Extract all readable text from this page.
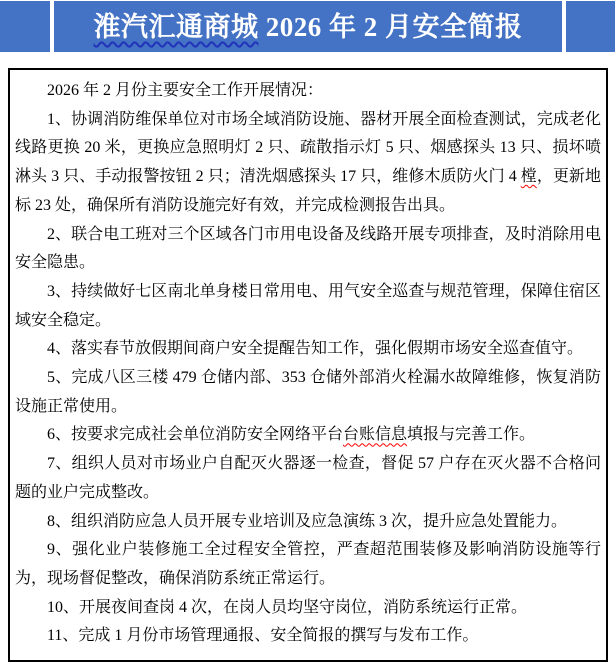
淮汽汇通商城 2026 年 2 月安全简报

2026 年 2 月份主要安全工作开展情况：

1、协调消防维保单位对市场全域消防设施、器材开展全面检查测试，完成老化线路更换 20 米，更换应急照明灯 2 只、疏散指示灯 5 只、烟感探头 13 只、损坏喷淋头 3 只、手动报警按钮 2 只；清洗烟感探头 17 只，维修木质防火门 4 樘，更新地标 23 处，确保所有消防设施完好有效，并完成检测报告出具。

2、联合电工班对三个区域各门市用电设备及线路开展专项排查，及时消除用电安全隐患。

3、持续做好七区南北单身楼日常用电、用气安全巡查与规范管理，保障住宿区域安全稳定。

4、落实春节放假期间商户安全提醒告知工作，强化假期市场安全巡查值守。

5、完成八区三楼 479 仓储内部、353 仓储外部消火栓漏水故障维修，恢复消防设施正常使用。

6、按要求完成社会单位消防安全网络平台台账信息填报与完善工作。

7、组织人员对市场业户自配灭火器逐一检查，督促 57 户存在灭火器不合格问题的业户完成整改。

8、组织消防应急人员开展专业培训及应急演练 3 次，提升应急处置能力。

9、强化业户装修施工全过程安全管控，严查超范围装修及影响消防设施等行为，现场督促整改，确保消防系统正常运行。

10、开展夜间查岗 4 次，在岗人员均坚守岗位，消防系统运行正常。

11、完成 1 月份市场管理通报、安全简报的撰写与发布工作。
